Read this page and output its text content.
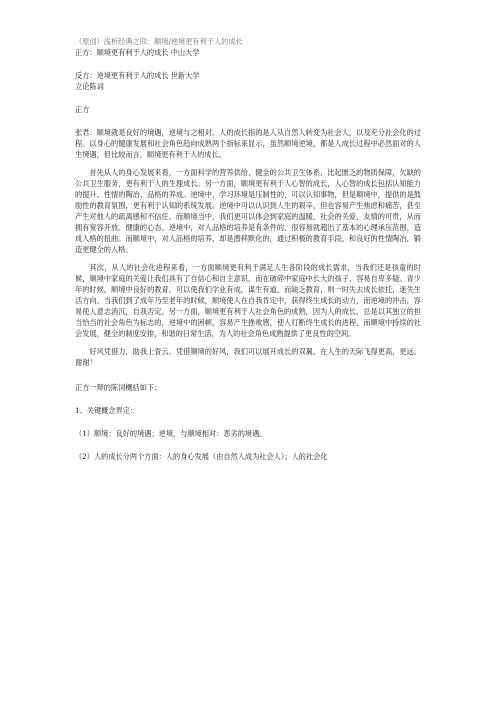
（原创）浅析经典之四：顺境/逆境更有利于人的成长

正方：顺境更有利于人的成长 中山大学

反方：逆境更有利于人的成长 世新大学

立论陈词

正方

张君：顺境就是良好的境遇，逆境与之相对。人的成长指的是人从自然人转变为社会人，以及充分社会化的过程。以身心的健康发展和社会角色趋向成熟两个指标来显示，虽然顺境逆境，都是人成长过程中必然面对的人生境遇，但比较而言，顺境更有利于人的成长。

首先从人的身心发展来看，一方面科学的营养供给、健全的公共卫生体系，比起匮乏的物质保障，欠缺的公共卫生服务，更有利于人的生理成长。另一方面，顺境更有利于人心智的成长，人心智的成长包括认知能力的提升、性情的陶冶、品格的养成。逆境中，学习环境是压制性的，可以认知事物，但是顺境中，提供的是鼓励性的教育氛围，更有利于认知的系统发展。逆境中可以认识到人生的艰辛，但也容易产生焦虑和痛苦，甚至产生对他人的疏离感和不信任。而顺境当中，我们更可以体会到家庭的温暖，社会的关爱，友情的可贵，从而拥有宽容开放、健康的心态。逆境中，对人品格的培养是有条件的，很容易就超出了基本的心理承压范围，造成人格的扭曲。而顺境中，对人品格的培养，却是潜移默化的，通过积极的教育手段，和良好的性情陶冶，锻造更健全的人格。

其次，从人的社会化进程来看，一方面顺境更有利于满足人生各阶段的成长需求，当我们还是孩童的时候，顺境中家庭的关爱让我们具有了自信心和自主意识，而在破碎中家庭中长大的孩子，容易自卑多疑。青少年的时候，顺境中良好的教育，可以使我们学业有成，谋生有道，而缺乏教育，则一时失去成长依托，迷失生活方向。当我们到了成年乃至老年的时候，顺境使人在自我肯定中，获得终生成长的动力，而逆境的冲击，容易使人意志消沉，自我否定。另一方面，顺境更有利于人社会角色的成熟，因为人的成长，总是以其独立的担当恰当的社会角色为标志的，逆境中的困顿，容易产生挫败感，使人打断终生成长的进程，而顺境中持续的社会发展，健全的制度安排，和谐的日常生活，为人的社会角色成熟提供了更良性的空间。

好风凭借力，助我上青云。凭借顺境的好风，我们可以展开成长的双翼，在人生的天际飞得更高，更远。谢谢！

正方一辩的陈词概括如下：

1、关键概念界定：

（1）顺境：良好的境遇；逆境，与顺境相对：恶劣的境遇。

（2）人的成长分两个方面：人的身心发展（由自然人成为社会人）；人的社会化
